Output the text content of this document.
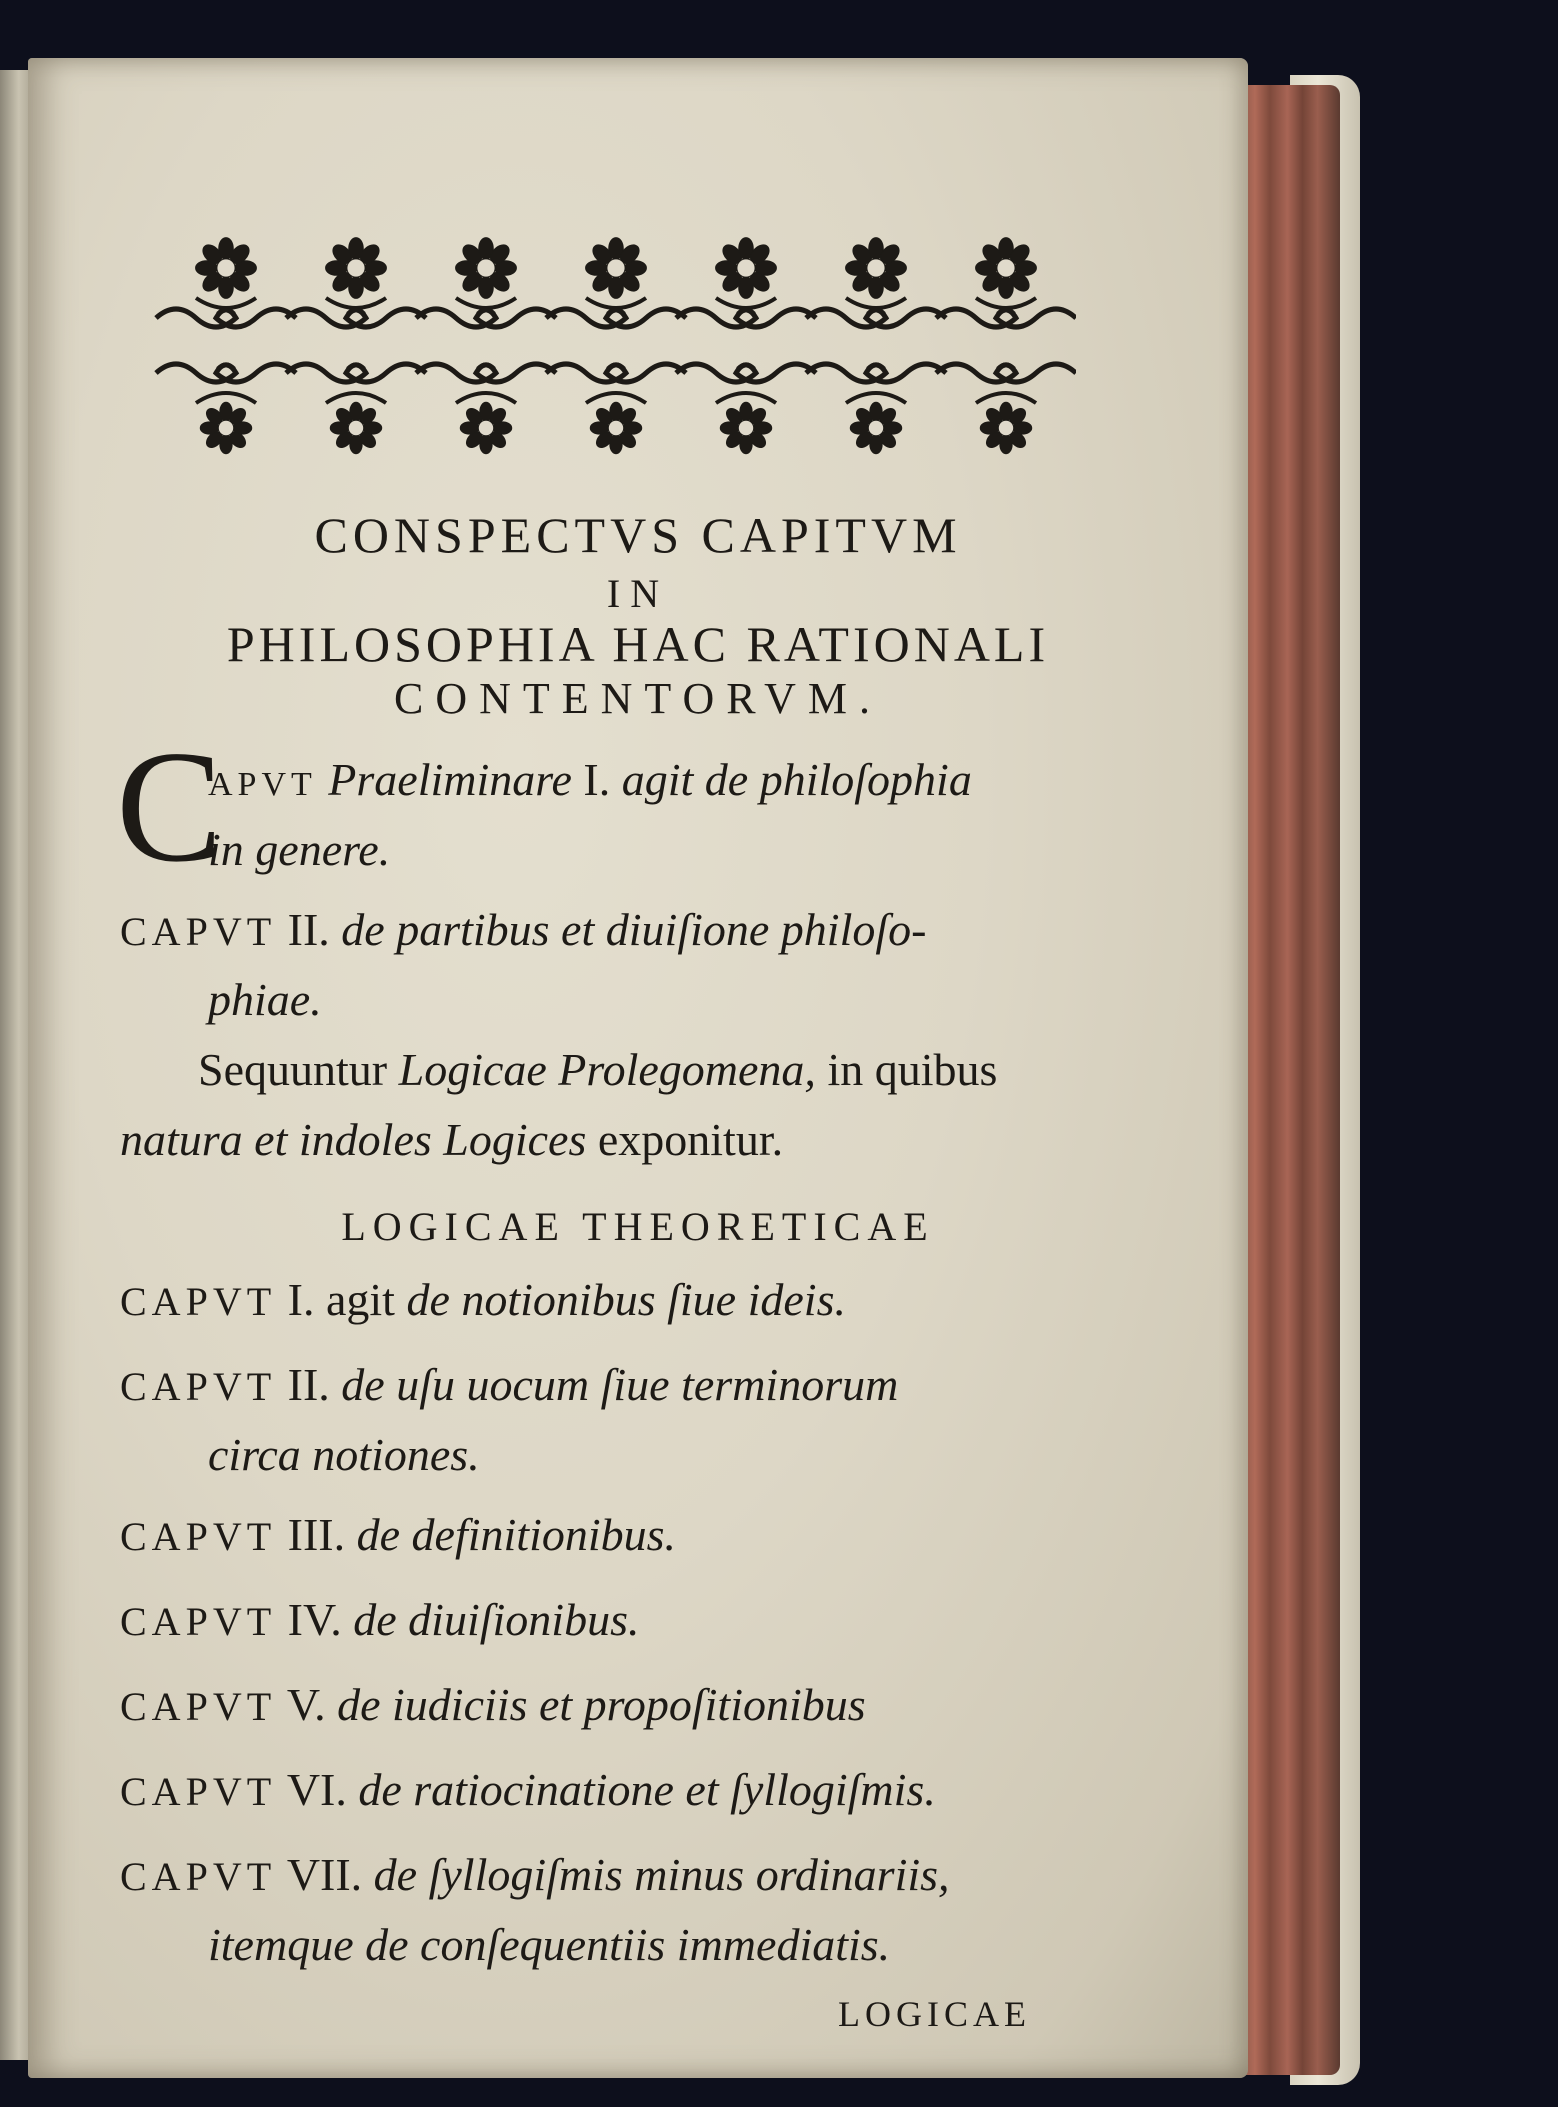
CONSPECTVS CAPITVM
IN
PHILOSOPHIA HAC RATIONALI
CONTENTORVM.
C
APVT Praeliminare I. agit de philoſophia
in genere.
CAPVT II. de partibus et diuiſione philoſo-
phiae.
Sequuntur Logicae Prolegomena, in quibus
natura et indoles Logices exponitur.
LOGICAE THEORETICAE
CAPVT I. agit de notionibus ſiue ideis.
CAPVT II. de uſu uocum ſiue terminorum
circa notiones.
CAPVT III. de definitionibus.
CAPVT IV. de diuiſionibus.
CAPVT V. de iudiciis et propoſitionibus
CAPVT VI. de ratiocinatione et ſyllogiſmis.
CAPVT VII. de ſyllogiſmis minus ordinariis,
itemque de conſequentiis immediatis.
LOGICAE
